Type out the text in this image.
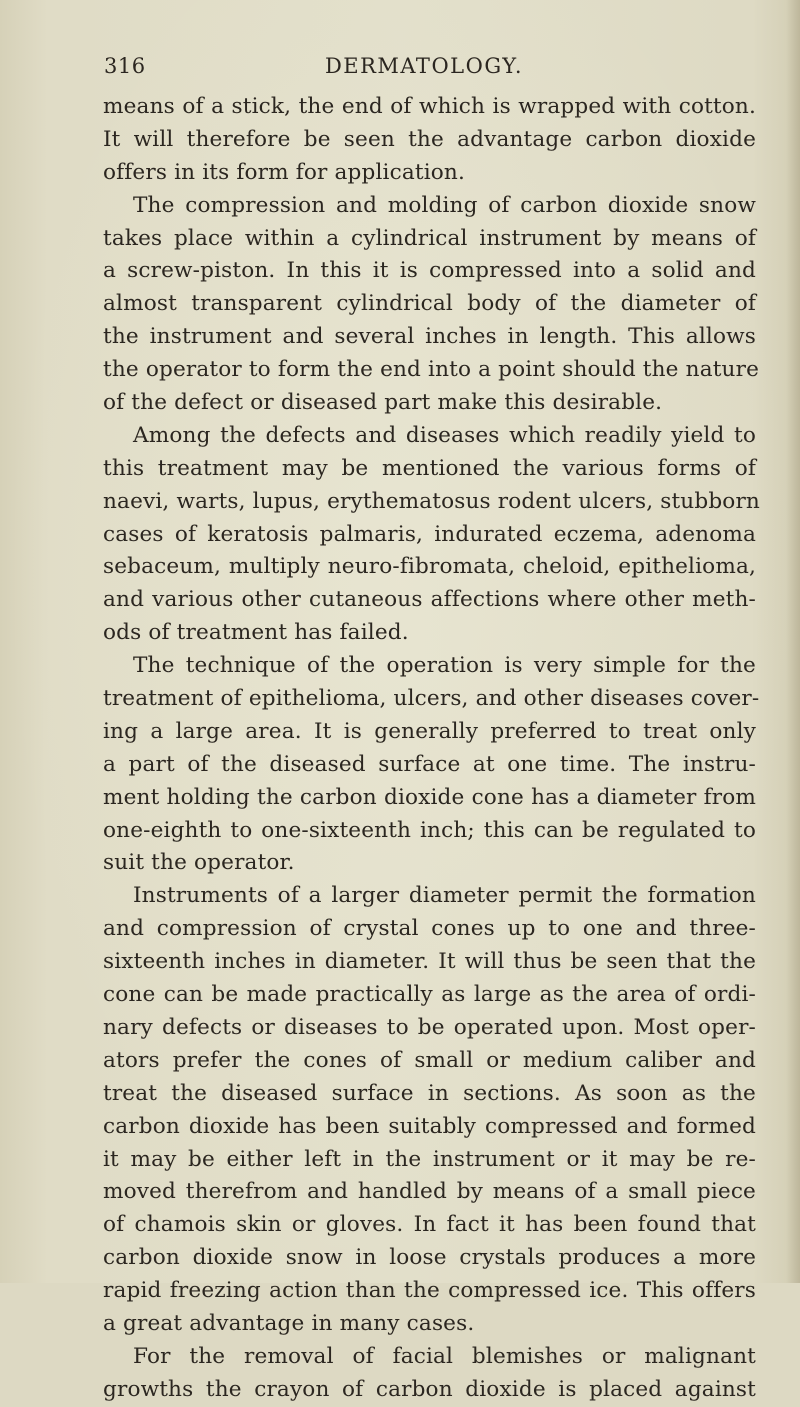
316	DERMATOLOGY.
means of a stick, the end of which is wrapped with cotton.
It will therefore be seen the advantage carbon dioxide
offers in its form for application.
The compression and molding of carbon dioxide snow
takes place within a cylindrical instrument by means of
a screw-piston. In this it is compressed into a solid and
almost transparent cylindrical body of the diameter of
the instrument and several inches in length. This allows
the operator to form the end into a point should the nature
of the defect or diseased part make this desirable.
Among the defects and diseases which readily yield to
this treatment may be mentioned the various forms of
naevi, warts, lupus, erythematosus rodent ulcers, stubborn
cases of keratosis palmaris, indurated eczema, adenoma
sebaceum, multiply neuro-fibromata, cheloid, epithelioma,
and various other cutaneous affections where other meth-
ods of treatment has failed.
The technique of the operation is very simple for the
treatment of epithelioma, ulcers, and other diseases cover-
ing a large area. It is generally preferred to treat only
a part of the diseased surface at one time. The instru-
ment holding the carbon dioxide cone has a diameter from
one-eighth to one-sixteenth inch; this can be regulated to
suit the operator.
Instruments of a larger diameter permit the formation
and compression of crystal cones up to one and three-
sixteenth inches in diameter. It will thus be seen that the
cone can be made practically as large as the area of ordi-
nary defects or diseases to be operated upon. Most oper-
ators prefer the cones of small or medium caliber and
treat the diseased surface in sections. As soon as the
carbon dioxide has been suitably compressed and formed
it may be either left in the instrument or it may be re-
moved therefrom and handled by means of a small piece
of chamois skin or gloves. In fact it has been found that
carbon dioxide snow in loose crystals produces a more
rapid freezing action than the compressed ice. This offers
a great advantage in many cases.
For the removal of facial blemishes or malignant
growths the crayon of carbon dioxide is placed against
